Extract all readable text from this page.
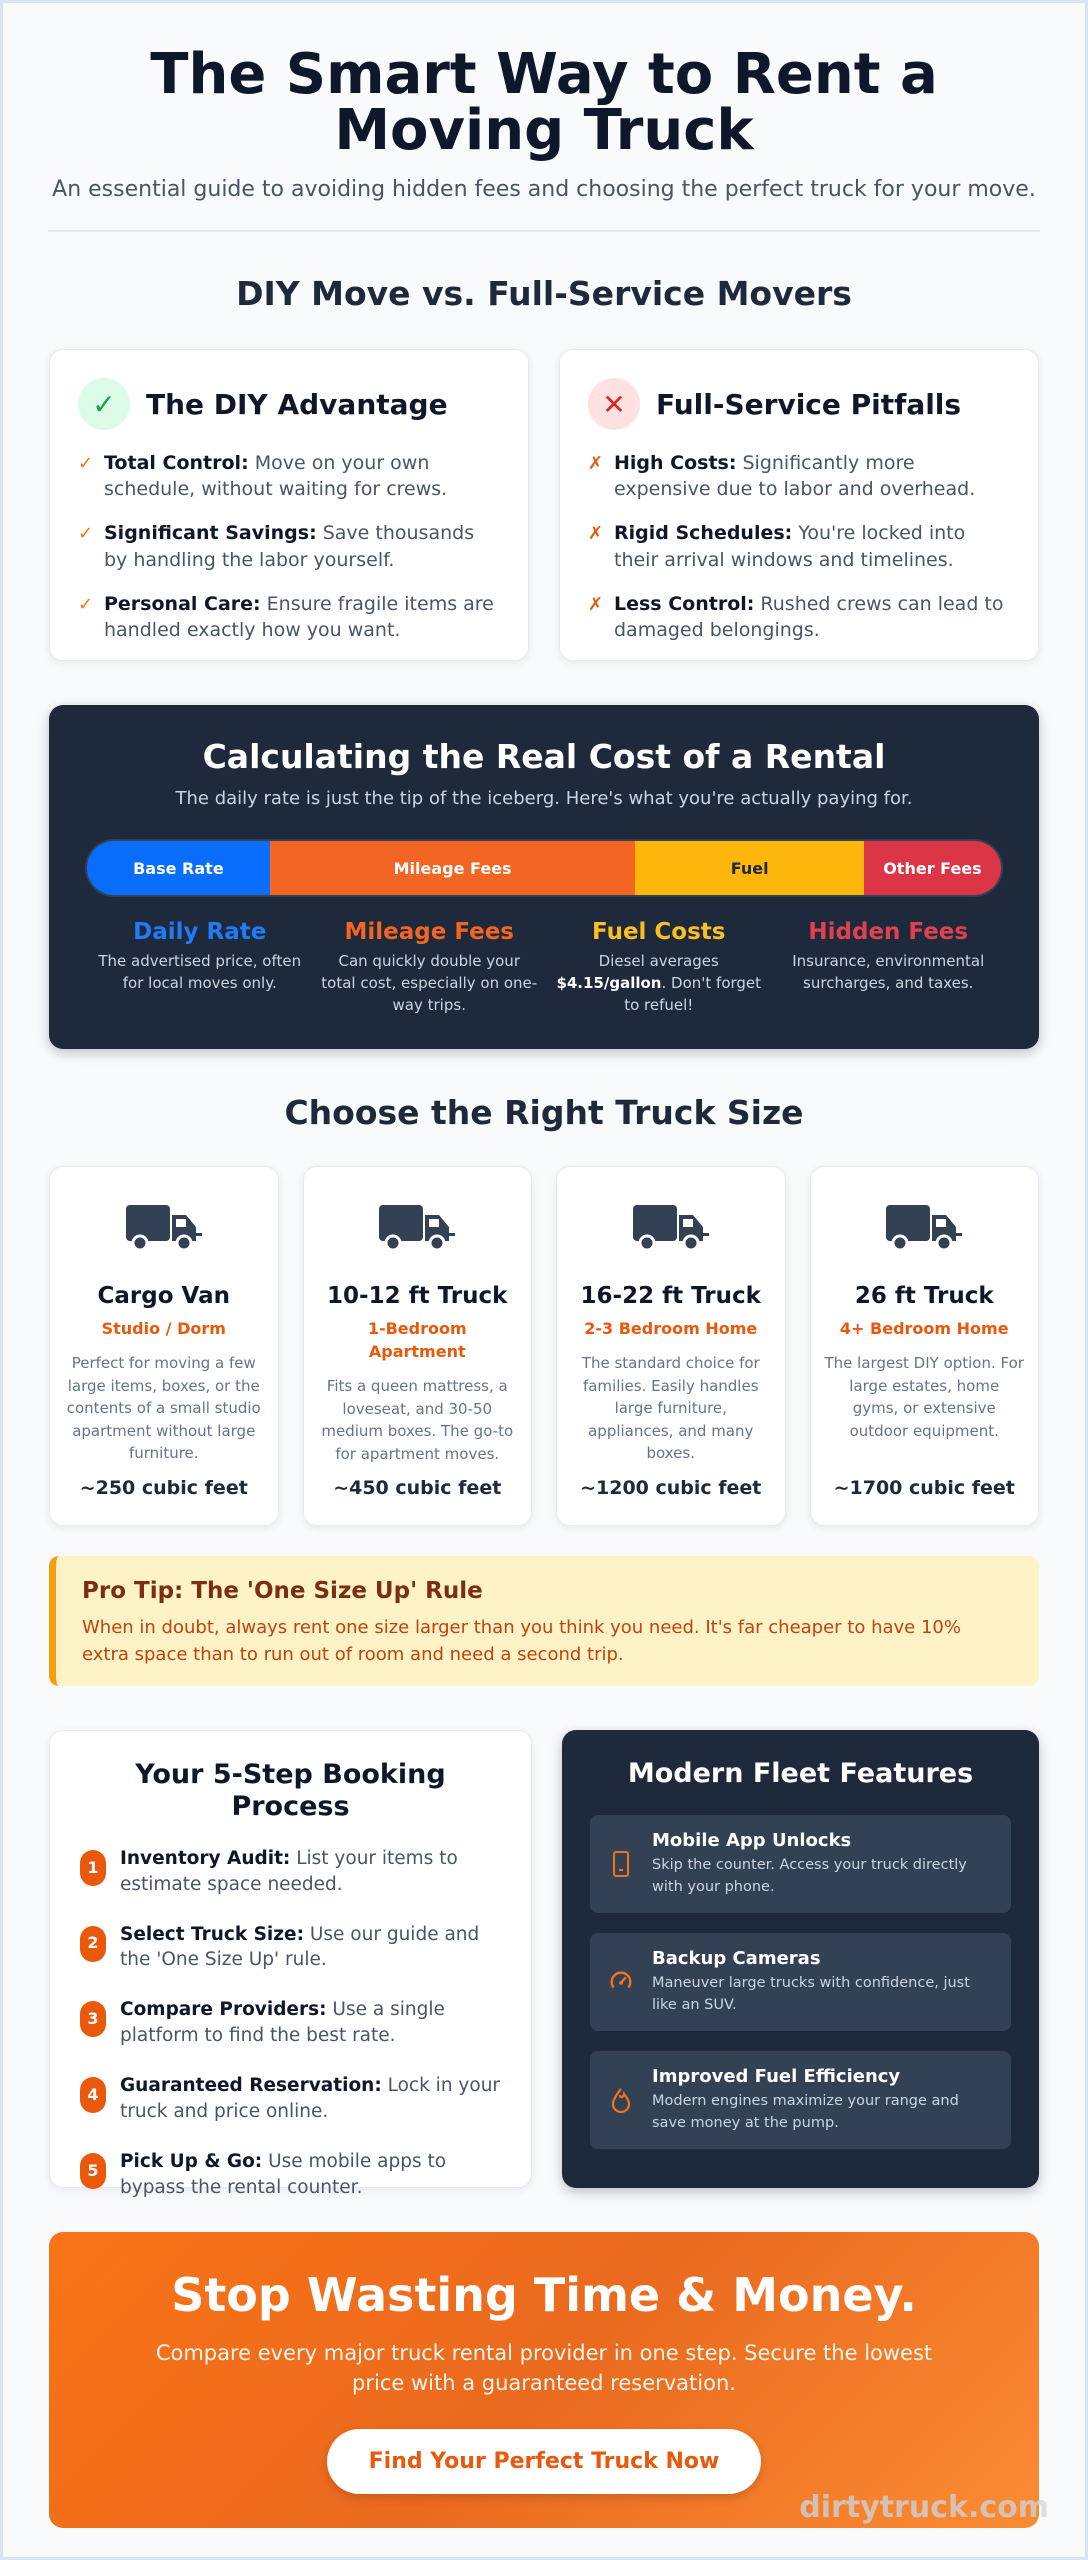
The Smart Way to Rent a Moving Truck

An essential guide to avoiding hidden fees and choosing the perfect truck for your move.

DIY Move vs. Full-Service Movers
✓	The DIY Advantage
✓ Total Control: Move on your own schedule, without waiting for crews.
✓ Significant Savings: Save thousands by handling the labor yourself.
✓ Personal Care: Ensure fragile items are handled exactly how you want.
✕	Full-Service Pitfalls
✗ High Costs: Significantly more expensive due to labor and overhead.
✗ Rigid Schedules: You're locked into their arrival windows and timelines.
✗ Less Control: Rushed crews can lead to damaged belongings.
Calculating the Real Cost of a Rental

The daily rate is just the tip of the iceberg. Here's what you're actually paying for.

Base Rate	Mileage Fees	Fuel	Other Fees
Daily Rate
The advertised price, often for local moves only.
Mileage Fees
Can quickly double your total cost, especially on one-way trips.
Fuel Costs
Diesel averages $4.15/gallon. Don't forget to refuel!
Hidden Fees
Insurance, environmental surcharges, and taxes.
Choose the Right Truck Size
Cargo Van
Studio / Dorm
Perfect for moving a few large items, boxes, or the contents of a small studio apartment without large furniture.
~250 cubic feet
10-12 ft Truck
1-Bedroom Apartment
Fits a queen mattress, a loveseat, and 30-50 medium boxes. The go-to for apartment moves.
~450 cubic feet
16-22 ft Truck
2-3 Bedroom Home
The standard choice for families. Easily handles large furniture, appliances, and many boxes.
~1200 cubic feet
26 ft Truck
4+ Bedroom Home
The largest DIY option. For large estates, home gyms, or extensive outdoor equipment.
~1700 cubic feet
Pro Tip: The 'One Size Up' Rule
When in doubt, always rent one size larger than you think you need. It's far cheaper to have 10% extra space than to run out of room and need a second trip.
Your 5-Step Booking Process
1	Inventory Audit: List your items to estimate space needed.
2	Select Truck Size: Use our guide and the 'One Size Up' rule.
3	Compare Providers: Use a single platform to find the best rate.
4	Guaranteed Reservation: Lock in your truck and price online.
5	Pick Up & Go: Use mobile apps to bypass the rental counter.
Modern Fleet Features
Mobile App Unlocks
Skip the counter. Access your truck directly with your phone.
Backup Cameras
Maneuver large trucks with confidence, just like an SUV.
Improved Fuel Efficiency
Modern engines maximize your range and save money at the pump.
Stop Wasting Time & Money.

Compare every major truck rental provider in one step. Secure the lowest price with a guaranteed reservation.

Find Your Perfect Truck Now
dirtytruck.com
